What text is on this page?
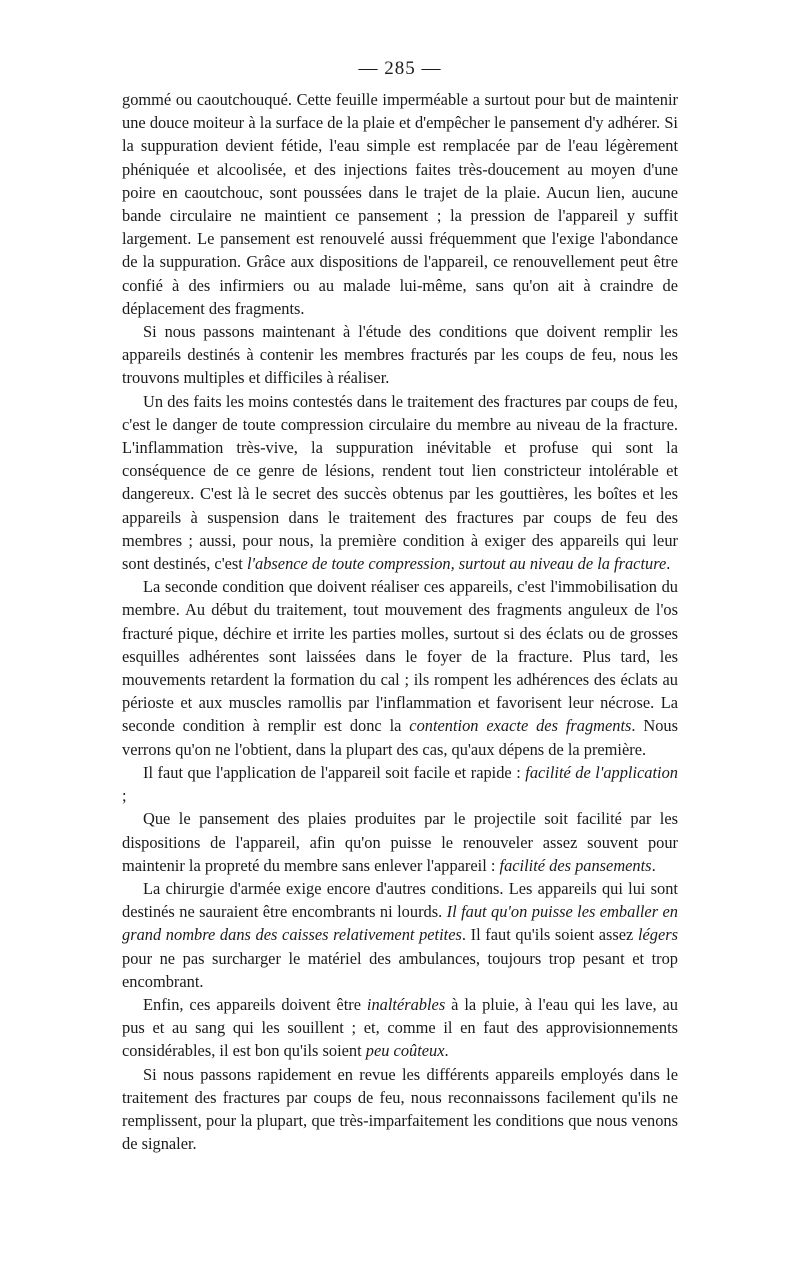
— 285 —

gommé ou caoutchouqué. Cette feuille imperméable a surtout pour but de maintenir une douce moiteur à la surface de la plaie et d'empêcher le pansement d'y adhérer. Si la suppuration devient fétide, l'eau simple est remplacée par de l'eau légèrement phéniquée et alcoolisée, et des injections faites très-doucement au moyen d'une poire en caoutchouc, sont poussées dans le trajet de la plaie. Aucun lien, aucune bande circulaire ne maintient ce pansement ; la pression de l'appareil y suffit largement. Le pansement est renouvelé aussi fréquemment que l'exige l'abondance de la suppuration. Grâce aux dispositions de l'appareil, ce renouvellement peut être confié à des infirmiers ou au malade lui-même, sans qu'on ait à craindre de déplacement des fragments.

Si nous passons maintenant à l'étude des conditions que doivent remplir les appareils destinés à contenir les membres fracturés par les coups de feu, nous les trouvons multiples et difficiles à réaliser.

Un des faits les moins contestés dans le traitement des fractures par coups de feu, c'est le danger de toute compression circulaire du membre au niveau de la fracture. L'inflammation très-vive, la suppuration inévitable et profuse qui sont la conséquence de ce genre de lésions, rendent tout lien constricteur intolérable et dangereux. C'est là le secret des succès obtenus par les gouttières, les boîtes et les appareils à suspension dans le traitement des fractures par coups de feu des membres ; aussi, pour nous, la première condition à exiger des appareils qui leur sont destinés, c'est l'absence de toute compression, surtout au niveau de la fracture.

La seconde condition que doivent réaliser ces appareils, c'est l'immobilisation du membre. Au début du traitement, tout mouvement des fragments anguleux de l'os fracturé pique, déchire et irrite les parties molles, surtout si des éclats ou de grosses esquilles adhérentes sont laissées dans le foyer de la fracture. Plus tard, les mouvements retardent la formation du cal ; ils rompent les adhérences des éclats au périoste et aux muscles ramollis par l'inflammation et favorisent leur nécrose. La seconde condition à remplir est donc la contention exacte des fragments. Nous verrons qu'on ne l'obtient, dans la plupart des cas, qu'aux dépens de la première.

Il faut que l'application de l'appareil soit facile et rapide : facilité de l'application ;

Que le pansement des plaies produites par le projectile soit facilité par les dispositions de l'appareil, afin qu'on puisse le renouveler assez souvent pour maintenir la propreté du membre sans enlever l'appareil : facilité des pansements.

La chirurgie d'armée exige encore d'autres conditions. Les appareils qui lui sont destinés ne sauraient être encombrants ni lourds. Il faut qu'on puisse les emballer en grand nombre dans des caisses relativement petites. Il faut qu'ils soient assez légers pour ne pas surcharger le matériel des ambulances, toujours trop pesant et trop encombrant.

Enfin, ces appareils doivent être inaltérables à la pluie, à l'eau qui les lave, au pus et au sang qui les souillent ; et, comme il en faut des approvisionnements considérables, il est bon qu'ils soient peu coûteux.

Si nous passons rapidement en revue les différents appareils employés dans le traitement des fractures par coups de feu, nous reconnaissons facilement qu'ils ne remplissent, pour la plupart, que très-imparfaitement les conditions que nous venons de signaler.
